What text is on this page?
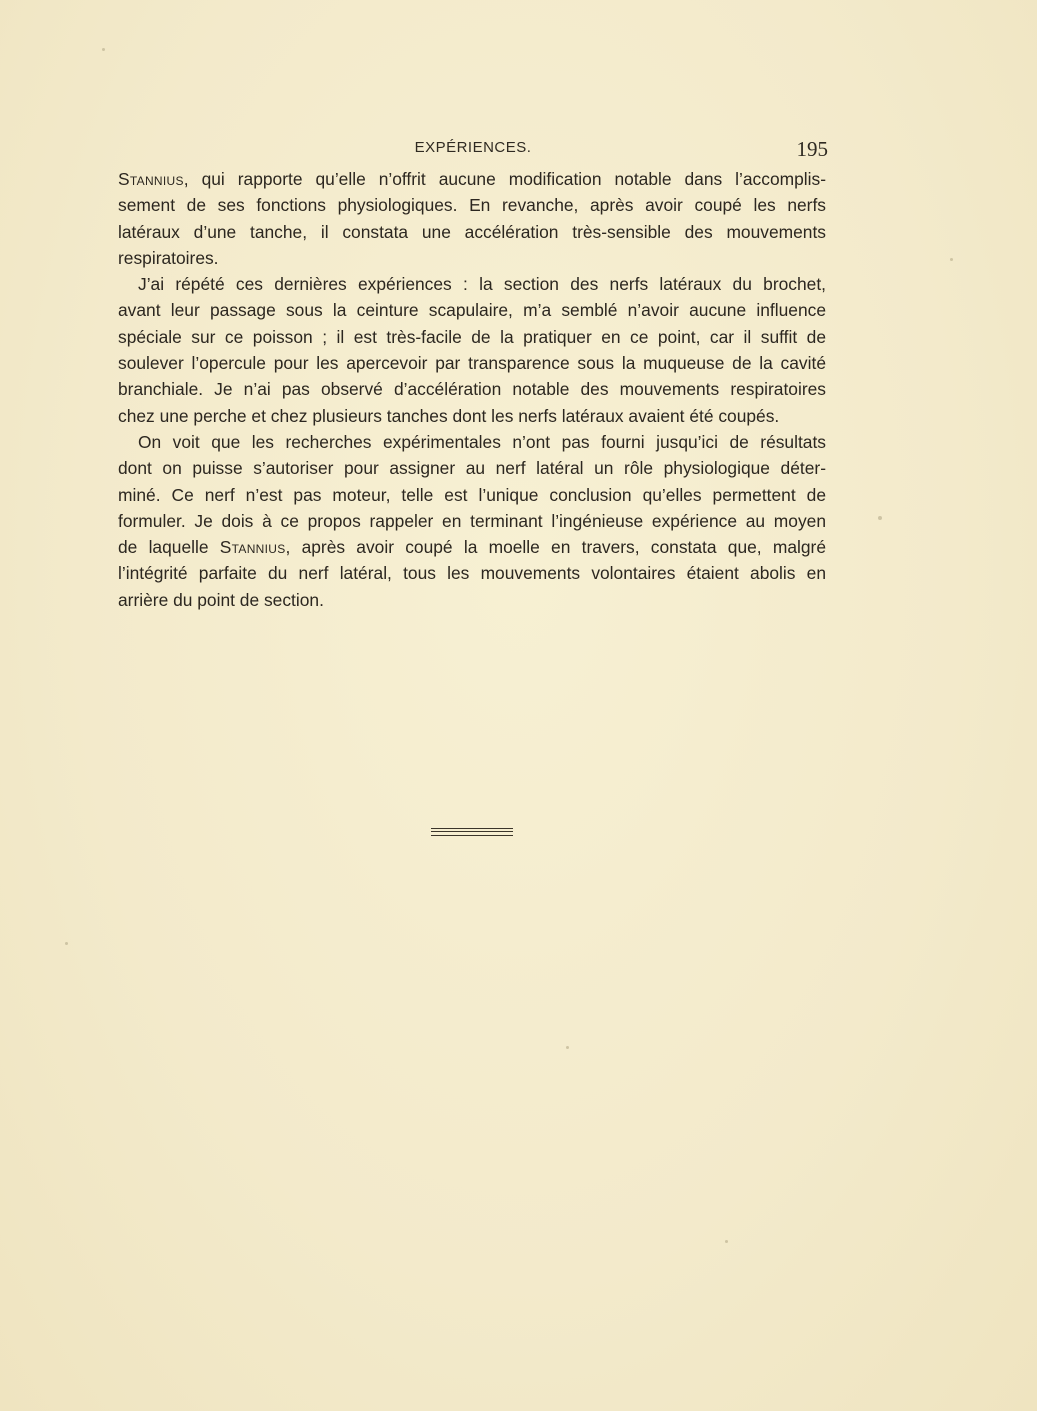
EXPÉRIENCES.	195

Stannius, qui rapporte qu’elle n’offrit aucune modification notable dans l’accomplis-
sement de ses fonctions physiologiques. En revanche, après avoir coupé les nerfs
latéraux d’une tanche, il constata une accélération très-sensible des mouvements
respiratoires.

J’ai répété ces dernières expériences : la section des nerfs latéraux du brochet,
avant leur passage sous la ceinture scapulaire, m’a semblé n’avoir aucune influence
spéciale sur ce poisson ; il est très-facile de la pratiquer en ce point, car il suffit de
soulever l’opercule pour les apercevoir par transparence sous la muqueuse de la cavité
branchiale. Je n’ai pas observé d’accélération notable des mouvements respiratoires
chez une perche et chez plusieurs tanches dont les nerfs latéraux avaient été coupés.

On voit que les recherches expérimentales n’ont pas fourni jusqu’ici de résultats
dont on puisse s’autoriser pour assigner au nerf latéral un rôle physiologique déter-
miné. Ce nerf n’est pas moteur, telle est l’unique conclusion qu’elles permettent de
formuler. Je dois à ce propos rappeler en terminant l’ingénieuse expérience au moyen
de laquelle Stannius, après avoir coupé la moelle en travers, constata que, malgré
l’intégrité parfaite du nerf latéral, tous les mouvements volontaires étaient abolis en
arrière du point de section.
